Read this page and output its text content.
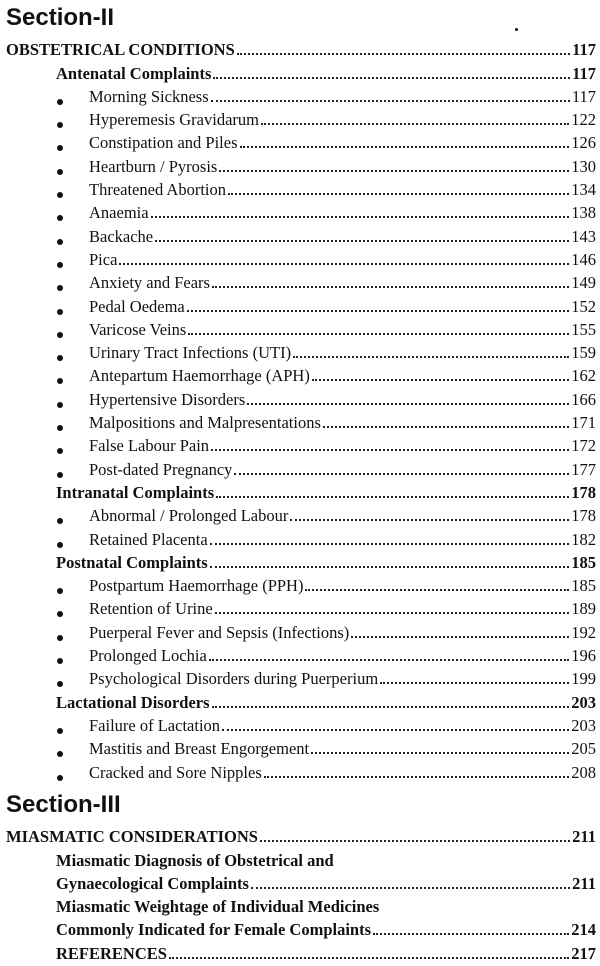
Section-II
OBSTETRICAL CONDITIONS	117
Antenatal Complaints	117
Morning Sickness	117
Hyperemesis Gravidarum	122
Constipation and Piles	126
Heartburn / Pyrosis	130
Threatened Abortion	134
Anaemia	138
Backache	143
Pica	146
Anxiety and Fears	149
Pedal Oedema	152
Varicose Veins	155
Urinary Tract Infections (UTI)	159
Antepartum Haemorrhage (APH)	162
Hypertensive Disorders	166
Malpositions and Malpresentations	171
False Labour Pain	172
Post-dated Pregnancy	177
Intranatal Complaints	178
Abnormal / Prolonged Labour	178
Retained Placenta	182
Postnatal Complaints	185
Postpartum Haemorrhage (PPH)	185
Retention of Urine	189
Puerperal Fever and Sepsis (Infections)	192
Prolonged Lochia	196
Psychological Disorders during Puerperium	199
Lactational Disorders	203
Failure of Lactation	203
Mastitis and Breast Engorgement	205
Cracked and Sore Nipples	208
Section-III
MIASMATIC CONSIDERATIONS	211
Miasmatic Diagnosis of Obstetrical and
Gynaecological Complaints	211
Miasmatic Weightage of Individual Medicines
Commonly Indicated for Female Complaints	214
REFERENCES	217
